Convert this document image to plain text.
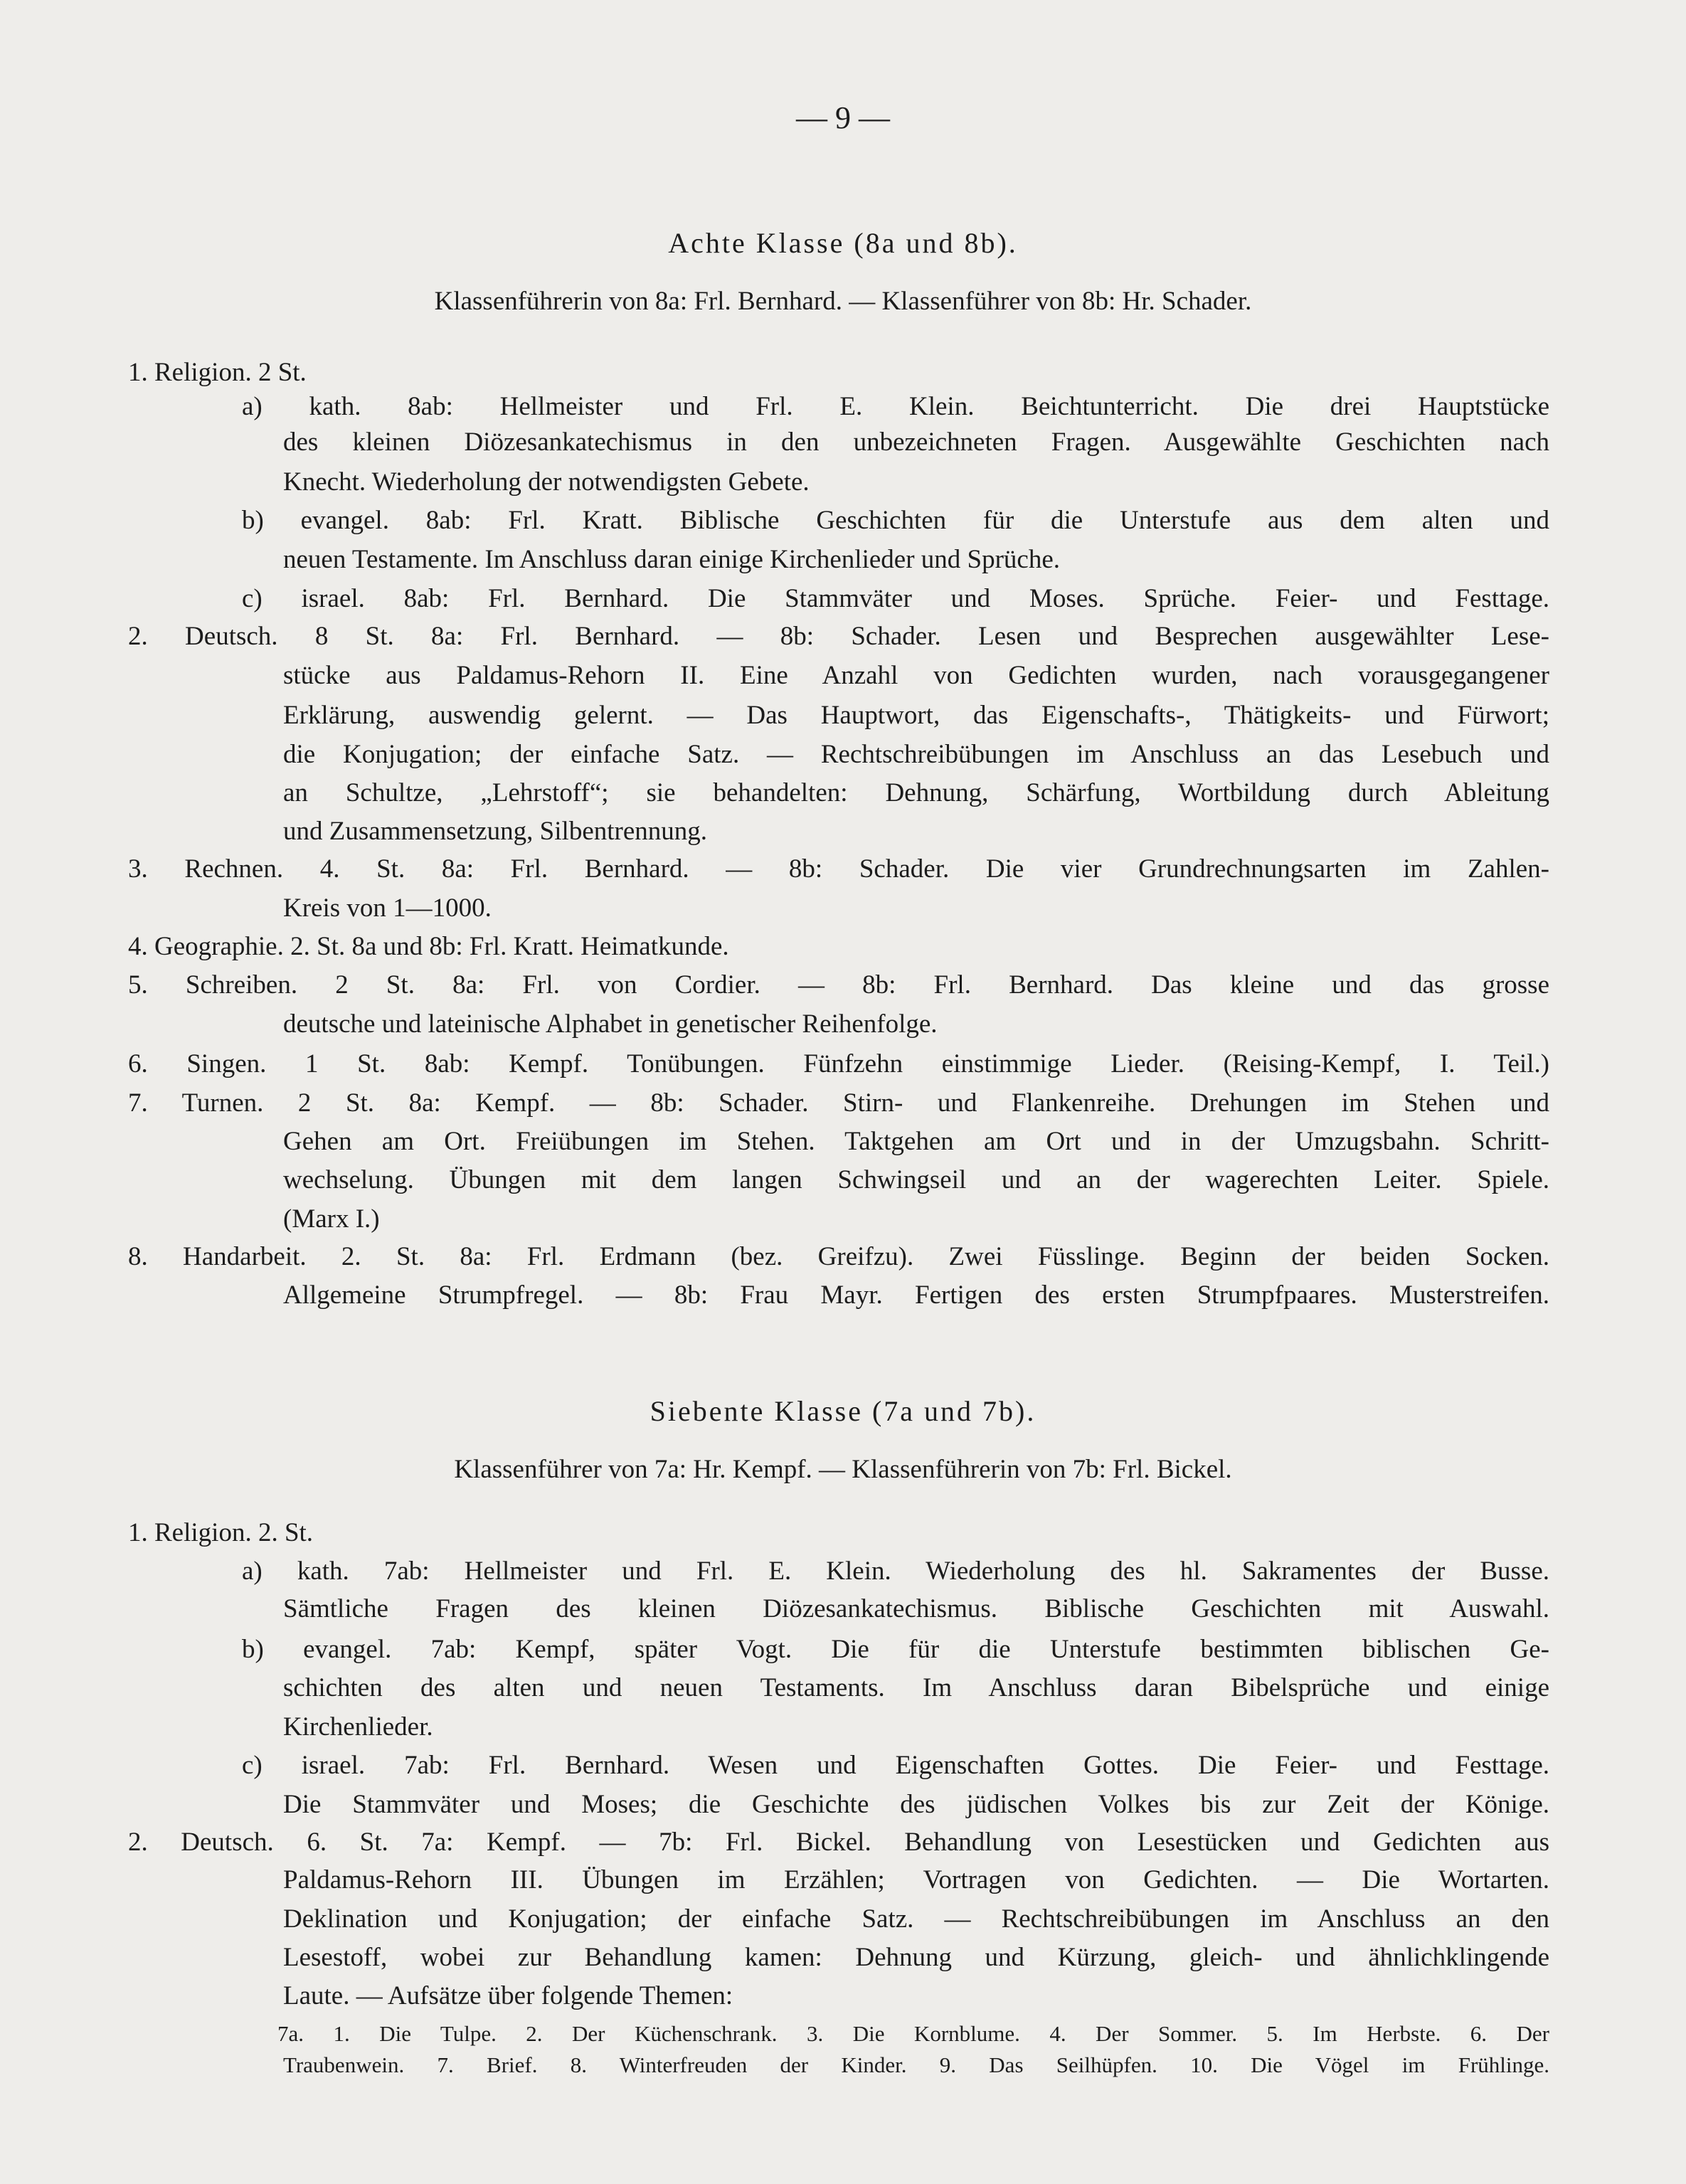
— 9 —
Achte Klasse (8a und 8b).
Klassenführerin von 8a: Frl. Bernhard. — Klassenführer von 8b: Hr. Schader.
1. Religion. 2 St.
a) kath. 8ab: Hellmeister und Frl. E. Klein. Beichtunterricht. Die drei Hauptstücke
des kleinen Diözesankatechismus in den unbezeichneten Fragen. Ausgewählte Geschichten nach
Knecht. Wiederholung der notwendigsten Gebete.
b) evangel. 8ab: Frl. Kratt. Biblische Geschichten für die Unterstufe aus dem alten und
neuen Testamente. Im Anschluss daran einige Kirchenlieder und Sprüche.
c) israel. 8ab: Frl. Bernhard. Die Stammväter und Moses. Sprüche. Feier- und Festtage.
2. Deutsch. 8 St. 8a: Frl. Bernhard. — 8b: Schader. Lesen und Besprechen ausgewählter Lese-
stücke aus Paldamus-Rehorn II. Eine Anzahl von Gedichten wurden, nach vorausgegangener
Erklärung, auswendig gelernt. — Das Hauptwort, das Eigenschafts-, Thätigkeits- und Fürwort;
die Konjugation; der einfache Satz. — Rechtschreibübungen im Anschluss an das Lesebuch und
an Schultze, „Lehrstoff“; sie behandelten: Dehnung, Schärfung, Wortbildung durch Ableitung
und Zusammensetzung, Silbentrennung.
3. Rechnen. 4. St. 8a: Frl. Bernhard. — 8b: Schader. Die vier Grundrechnungsarten im Zahlen-
Kreis von 1—1000.
4. Geographie. 2. St. 8a und 8b: Frl. Kratt. Heimatkunde.
5. Schreiben. 2 St. 8a: Frl. von Cordier. — 8b: Frl. Bernhard. Das kleine und das grosse
deutsche und lateinische Alphabet in genetischer Reihenfolge.
6. Singen. 1 St. 8ab: Kempf. Tonübungen. Fünfzehn einstimmige Lieder. (Reising-Kempf, I. Teil.)
7. Turnen. 2 St. 8a: Kempf. — 8b: Schader. Stirn- und Flankenreihe. Drehungen im Stehen und
Gehen am Ort. Freiübungen im Stehen. Taktgehen am Ort und in der Umzugsbahn. Schritt-
wechselung. Übungen mit dem langen Schwingseil und an der wagerechten Leiter. Spiele.
(Marx I.)
8. Handarbeit. 2. St. 8a: Frl. Erdmann (bez. Greifzu). Zwei Füsslinge. Beginn der beiden Socken.
Allgemeine Strumpfregel. — 8b: Frau Mayr. Fertigen des ersten Strumpfpaares. Musterstreifen.
Siebente Klasse (7a und 7b).
Klassenführer von 7a: Hr. Kempf. — Klassenführerin von 7b: Frl. Bickel.
1. Religion. 2. St.
a) kath. 7ab: Hellmeister und Frl. E. Klein. Wiederholung des hl. Sakramentes der Busse.
Sämtliche Fragen des kleinen Diözesankatechismus. Biblische Geschichten mit Auswahl.
b) evangel. 7ab: Kempf, später Vogt. Die für die Unterstufe bestimmten biblischen Ge-
schichten des alten und neuen Testaments. Im Anschluss daran Bibelsprüche und einige
Kirchenlieder.
c) israel. 7ab: Frl. Bernhard. Wesen und Eigenschaften Gottes. Die Feier- und Festtage.
Die Stammväter und Moses; die Geschichte des jüdischen Volkes bis zur Zeit der Könige.
2. Deutsch. 6. St. 7a: Kempf. — 7b: Frl. Bickel. Behandlung von Lesestücken und Gedichten aus
Paldamus-Rehorn III. Übungen im Erzählen; Vortragen von Gedichten. — Die Wortarten.
Deklination und Konjugation; der einfache Satz. — Rechtschreibübungen im Anschluss an den
Lesestoff, wobei zur Behandlung kamen: Dehnung und Kürzung, gleich- und ähnlichklingende
Laute. — Aufsätze über folgende Themen:
7a. 1. Die Tulpe. 2. Der Küchenschrank. 3. Die Kornblume. 4. Der Sommer. 5. Im Herbste. 6. Der
Traubenwein. 7. Brief. 8. Winterfreuden der Kinder. 9. Das Seilhüpfen. 10. Die Vögel im Frühlinge.
